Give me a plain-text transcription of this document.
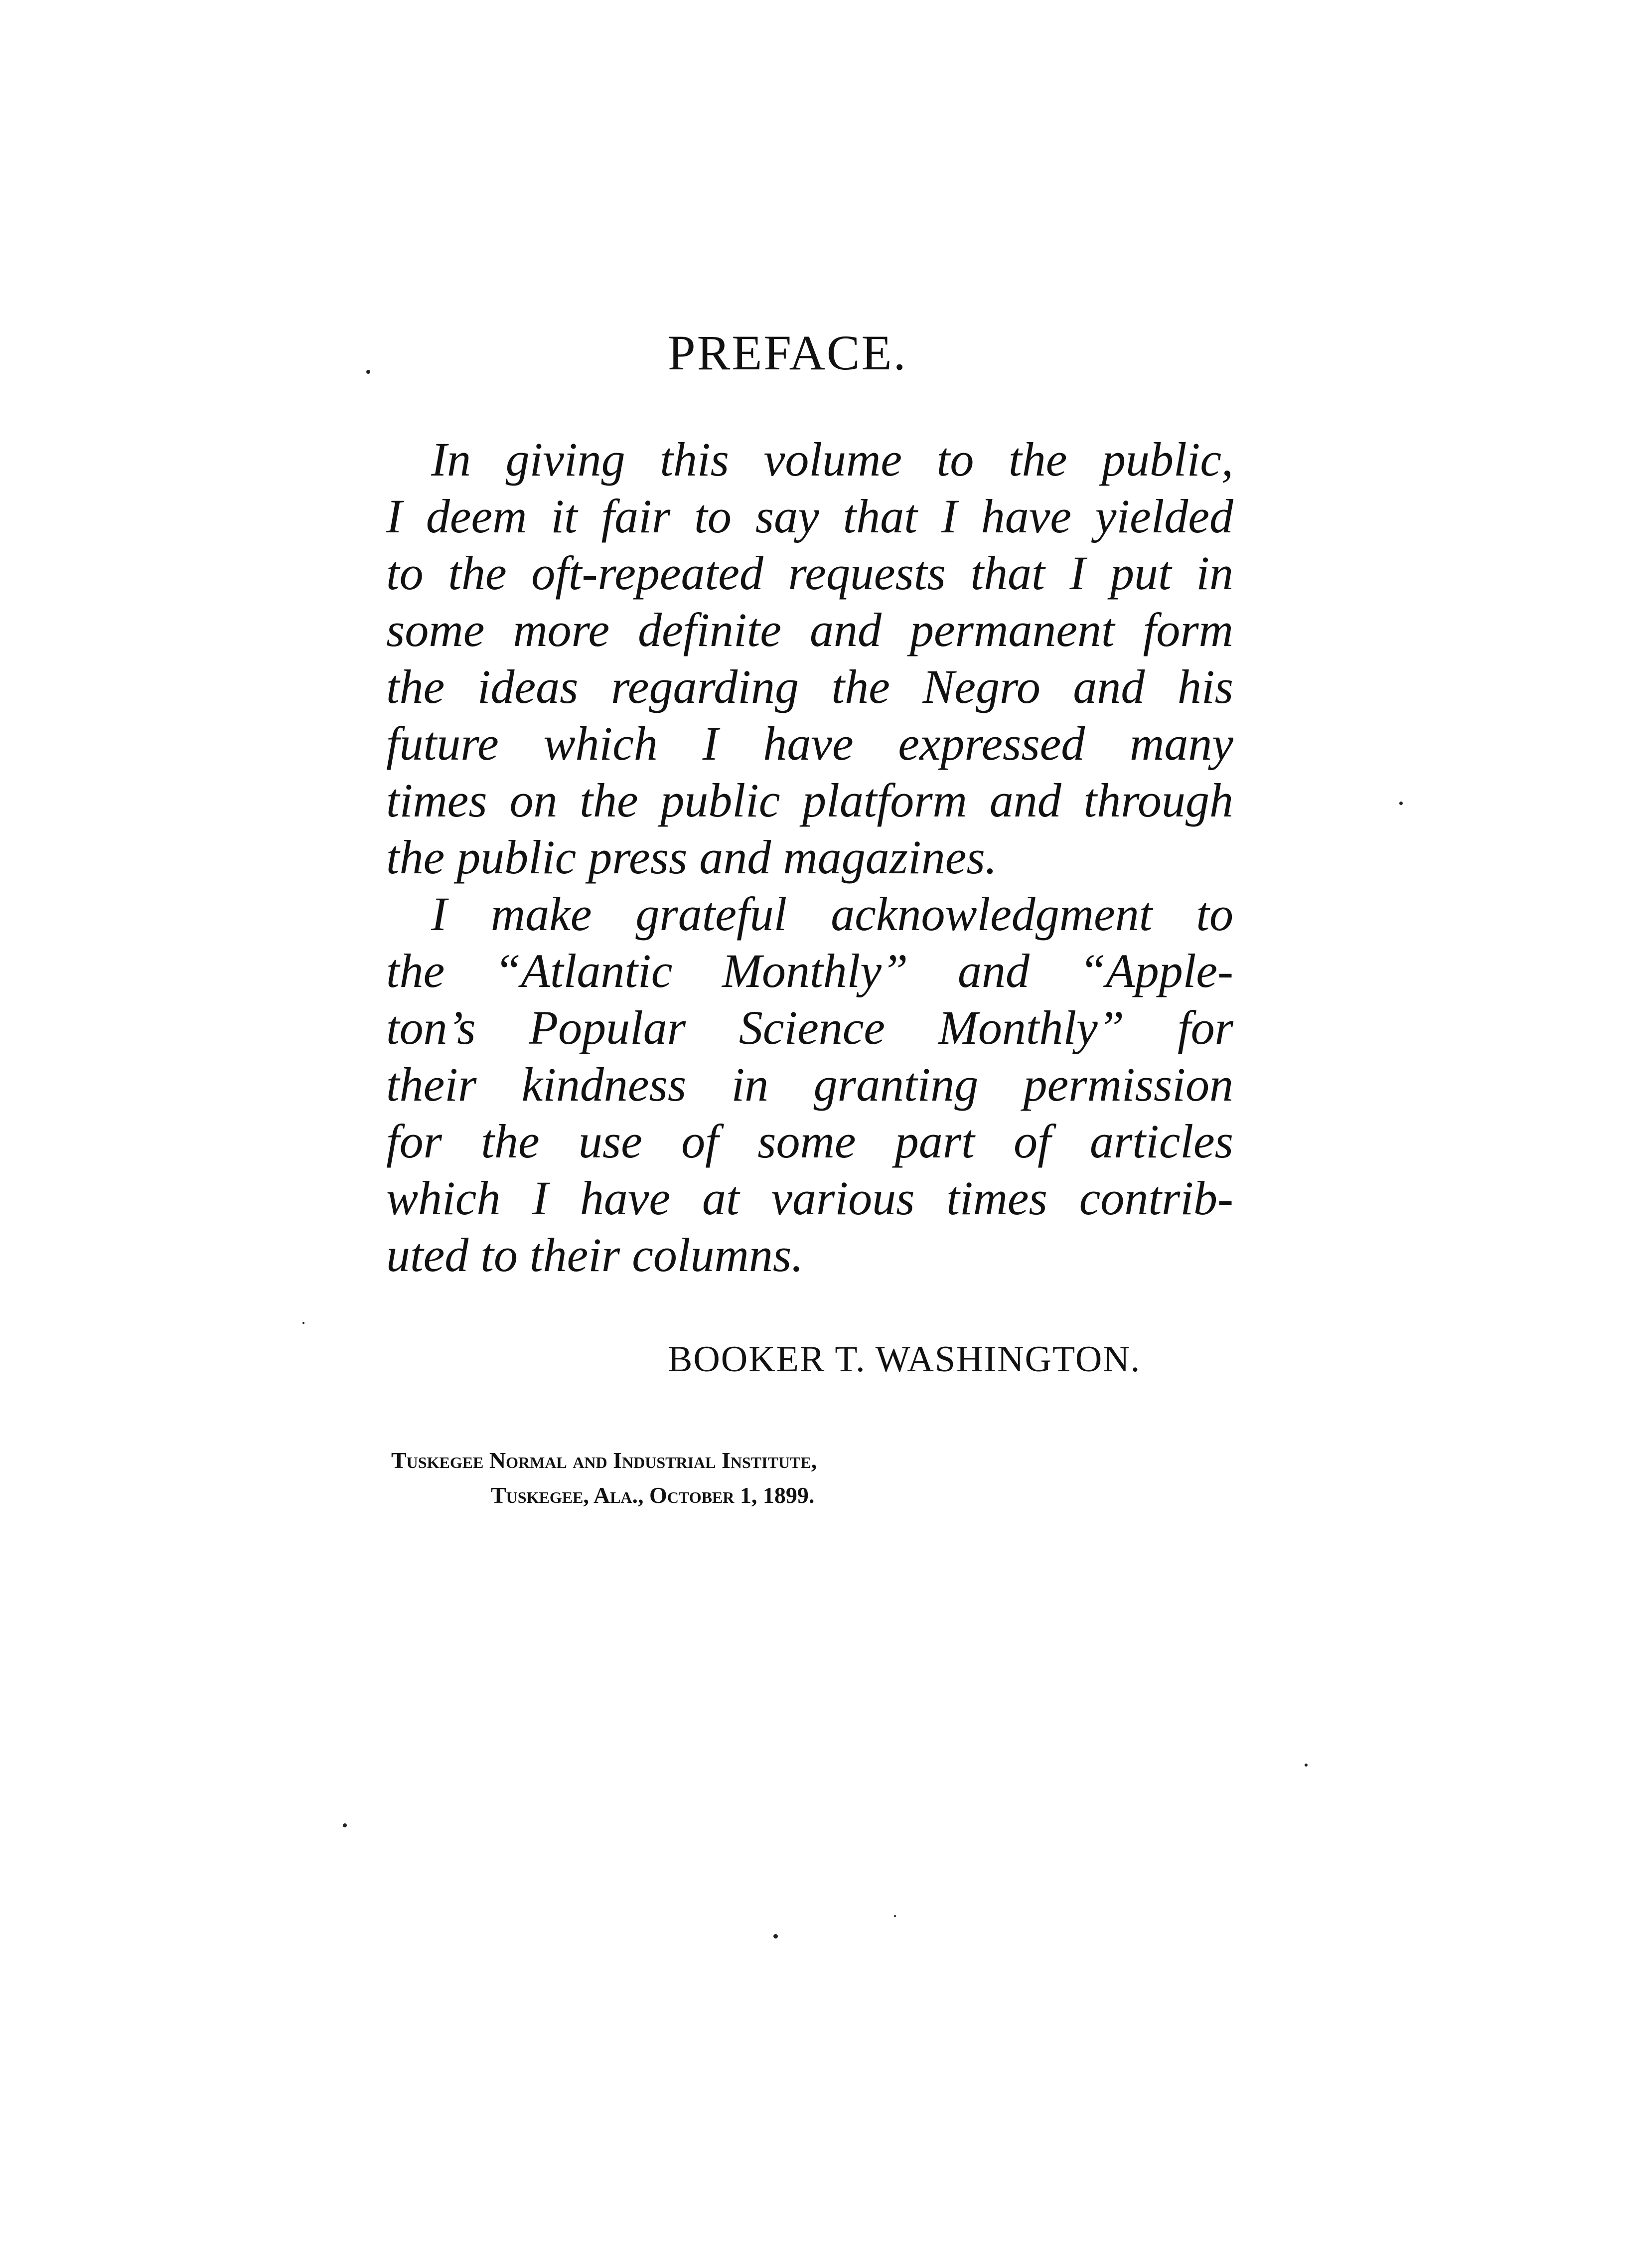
PREFACE.
In giving this volume to the public,
I deem it fair to say that I have yielded
to the oft-repeated requests that I put in
some more definite and permanent form
the ideas regarding the Negro and his
future which I have expressed many
times on the public platform and through
the public press and magazines.
I make grateful acknowledgment to
the “Atlantic Monthly” and “Apple-
ton’s Popular Science Monthly” for
their kindness in granting permission
for the use of some part of articles
which I have at various times contrib-
uted to their columns.
BOOKER T. WASHINGTON.
Tuskegee Normal and Industrial Institute,
Tuskegee, Ala., October 1, 1899.
